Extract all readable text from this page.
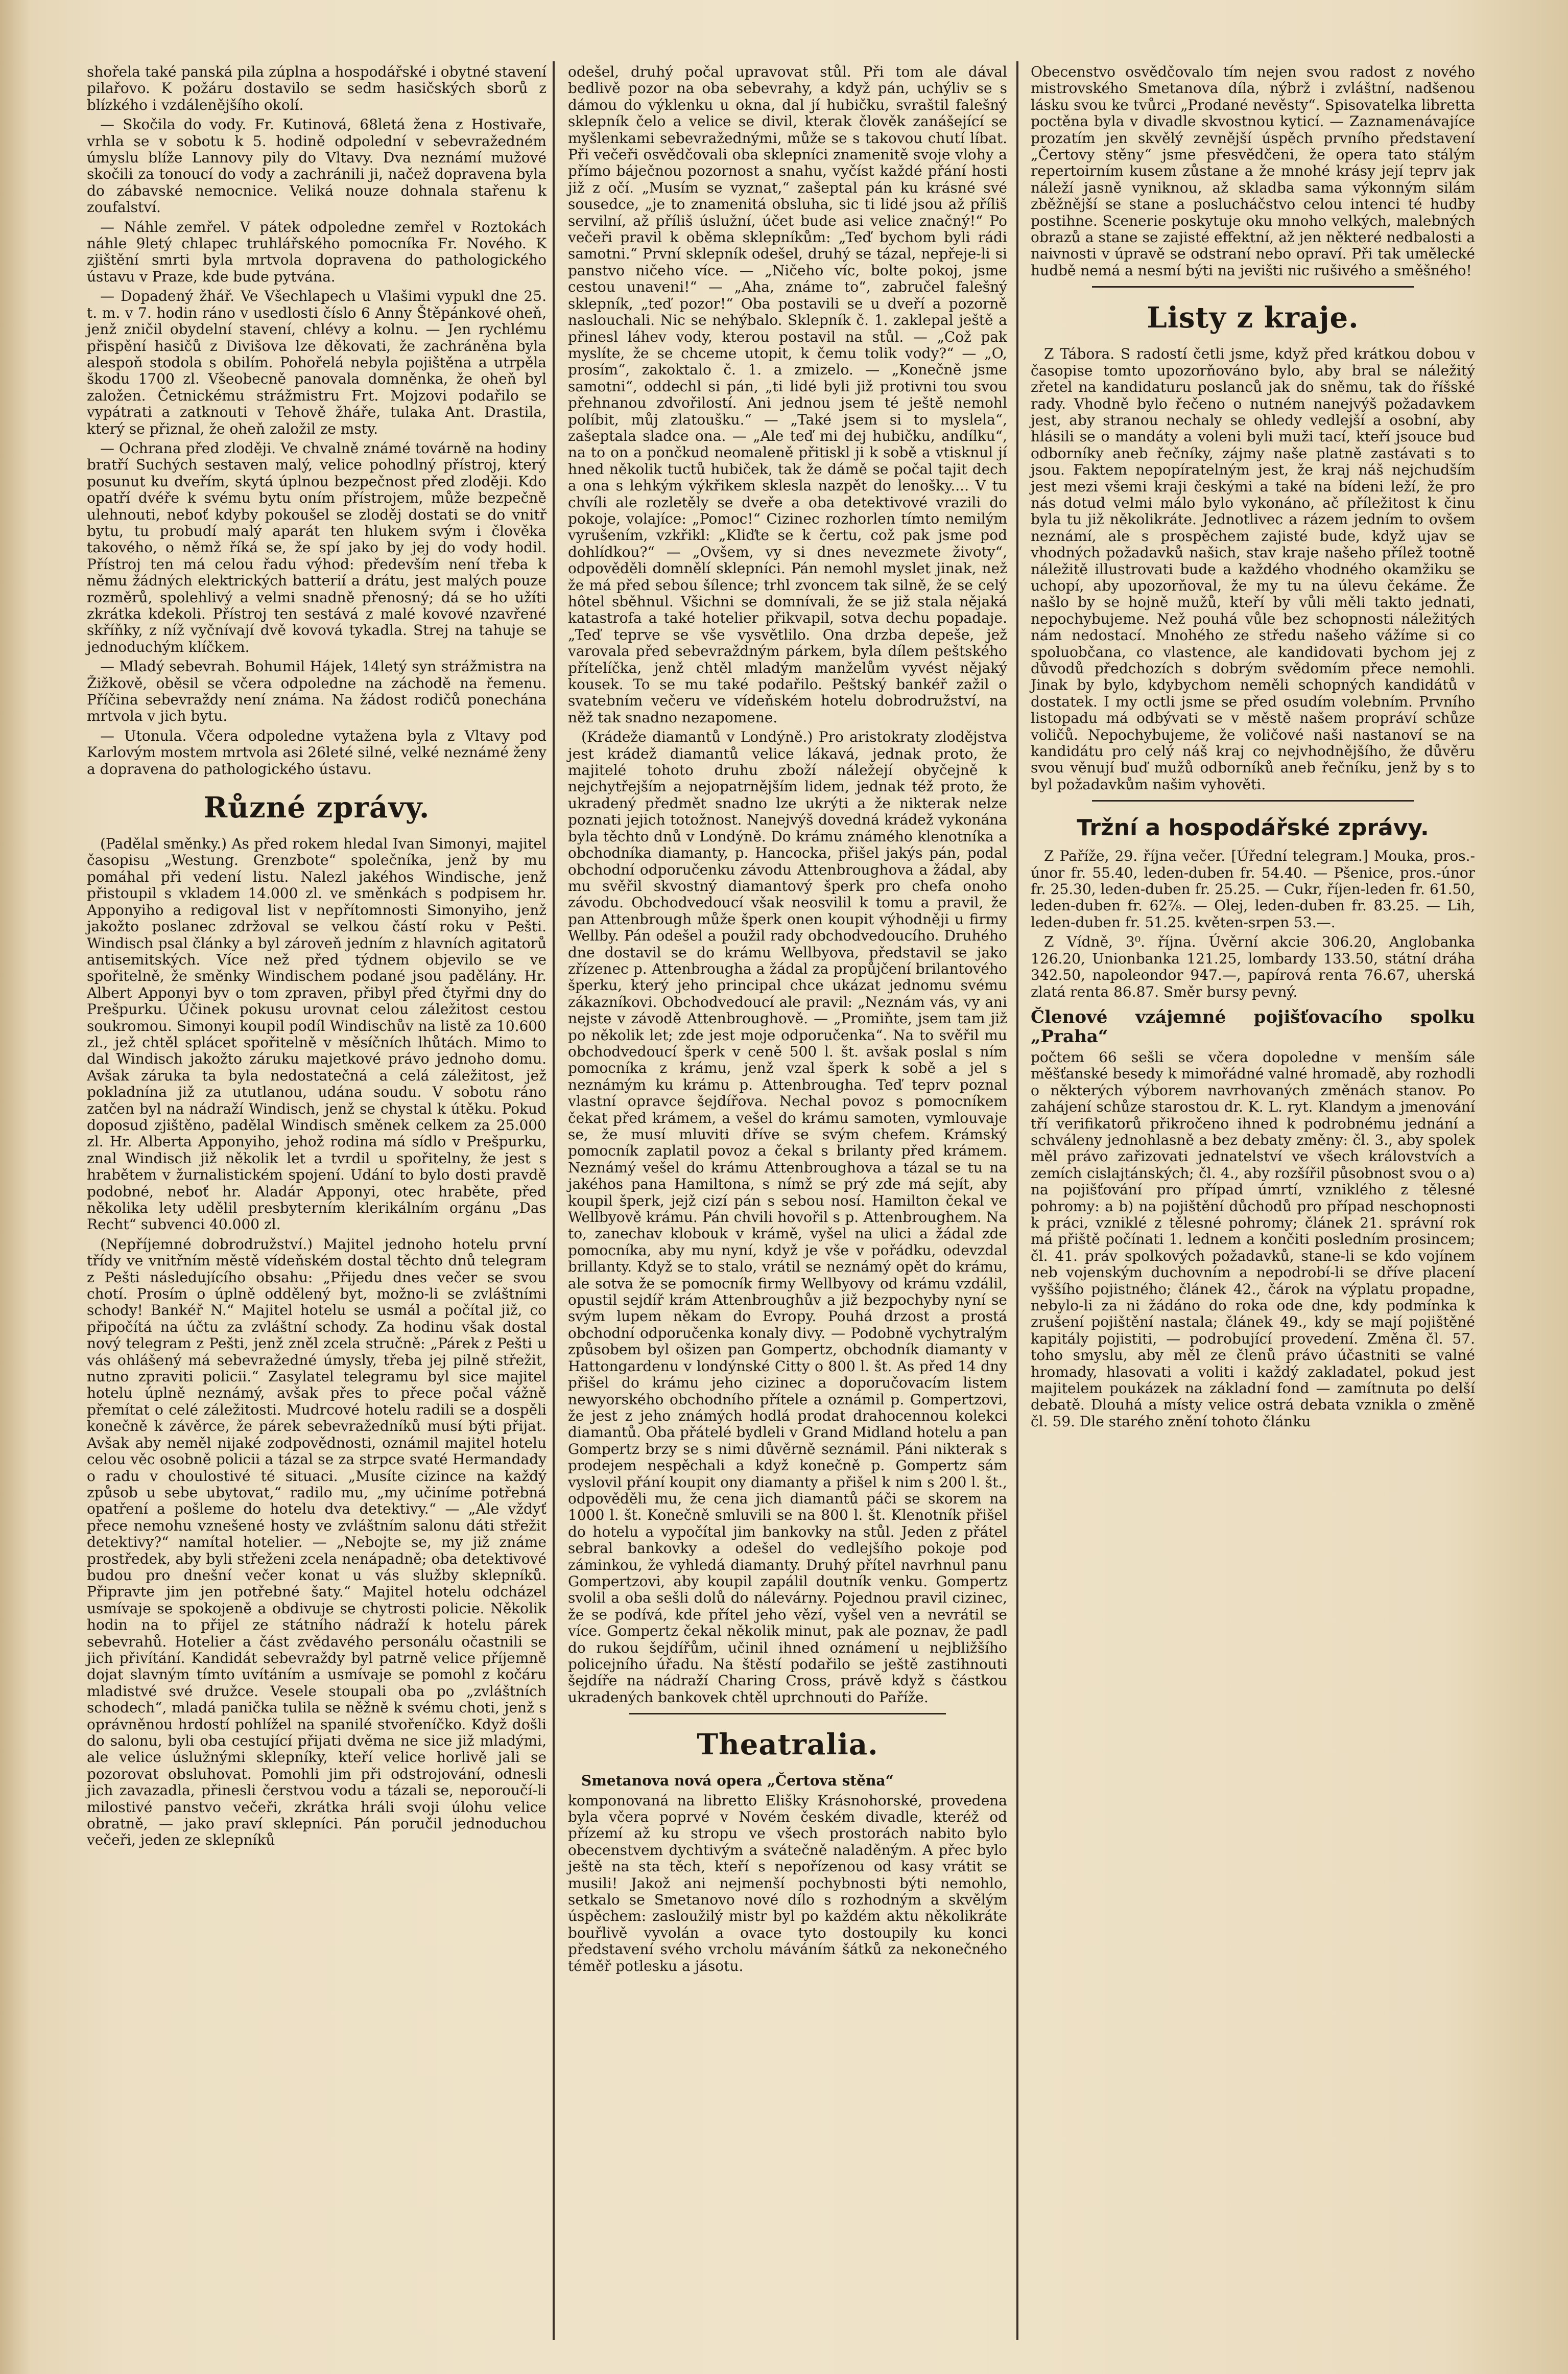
shořela také panská pila zúplna a hospodářské i obytné stavení pilařovo. K požáru dostavilo se sedm hasičských sborů z blízkého i vzdálenějšího okolí.

— Skočila do vody. Fr. Kutinová, 68letá žena z Hostivaře, vrhla se v sobotu k 5. hodině odpolední v sebevražedném úmyslu blíže Lannovy pily do Vltavy. Dva neznámí mužové skočili za tonoucí do vody a zachránili ji, načež dopravena byla do zábavské nemocnice. Veliká nouze dohnala stařenu k zoufalství.

— Náhle zemřel. V pátek odpoledne zemřel v Roztokách náhle 9letý chlapec truhlářského pomocníka Fr. Nového. K zjištění smrti byla mrtvola dopravena do pathologického ústavu v Praze, kde bude pytvána.

— Dopadený žhář. Ve Všechlapech u Vlašimi vypukl dne 25. t. m. v 7. hodin ráno v usedlosti číslo 6 Anny Štěpánkové oheň, jenž zničil obydelní stavení, chlévy a kolnu. — Jen rychlému přispění hasičů z Divišova lze děkovati, že zachráněna byla alespoň stodola s obilím. Pohořelá nebyla pojištěna a utrpěla škodu 1700 zl. Všeobecně panovala domněnka, že oheň byl založen. Četnickému strážmistru Frt. Mojzovi podařilo se vypátrati a zatknouti v Tehově žháře, tulaka Ant. Drastila, který se přiznal, že oheň založil ze msty.

— Ochrana před zloději. Ve chvalně známé továrně na hodiny bratří Suchých sestaven malý, velice pohodlný přístroj, který posunut ku dveřím, skytá úplnou bezpečnost před zloději. Kdo opatří dvéře k svému bytu oním přístrojem, může bezpečně ulehnouti, neboť kdyby pokoušel se zloděj dostati se do vnitř bytu, tu probudí malý aparát ten hlukem svým i člověka takového, o němž říká se, že spí jako by jej do vody hodil. Přístroj ten má celou řadu výhod: především není třeba k němu žádných elektrických batterií a drátu, jest malých pouze rozměrů, spolehlivý a velmi snadně přenosný; dá se ho užíti zkrátka kdekoli. Přístroj ten sestává z malé kovové nzavřené skříňky, z níž vyčnívají dvě kovová tykadla. Strej na tahuje se jednoduchým klíčkem.

— Mladý sebevrah. Bohumil Hájek, 14letý syn strážmistra na Žižkově, oběsil se včera odpoledne na záchodě na řemenu. Příčina sebevraždy není známa. Na žádost rodičů ponechána mrtvola v jich bytu.

— Utonula. Včera odpoledne vytažena byla z Vltavy pod Karlovým mostem mrtvola asi 26leté silné, velké neznámé ženy a dopravena do pathologického ústavu.

Různé zprávy.

(Padělal směnky.) As před rokem hledal Ivan Simonyi, majitel časopisu „Westung. Grenzbote“ společníka, jenž by mu pomáhal při vedení listu. Nalezl jakéhos Windische, jenž přistoupil s vkladem 14.000 zl. ve směnkách s podpisem hr. Apponyiho a redigoval list v nepřítomnosti Simonyiho, jenž jakožto poslanec zdržoval se velkou částí roku v Pešti. Windisch psal články a byl zároveň jedním z hlavních agitatorů antisemitských. Více než před týdnem objevilo se ve spořitelně, že směnky Windischem podané jsou padělány. Hr. Albert Apponyi byv o tom zpraven, přibyl před čtyřmi dny do Prešpurku. Účinek pokusu urovnat celou záležitost cestou soukromou. Simonyi koupil podíl Windischův na listě za 10.600 zl., jež chtěl splácet spořitelně v měsíčních lhůtách. Mimo to dal Windisch jakožto záruku majetkové právo jednoho domu. Avšak záruka ta byla nedostatečná a celá záležitost, jež pokladnína již za ututlanou, udána soudu. V sobotu ráno zatčen byl na nádraží Windisch, jenž se chystal k útěku. Pokud doposud zjištěno, padělal Windisch směnek celkem za 25.000 zl. Hr. Alberta Apponyiho, jehož rodina má sídlo v Prešpurku, znal Windisch již několik let a tvrdil u spořitelny, že jest s hrabětem v žurnalistickém spojení. Udání to bylo dosti pravdě podobné, neboť hr. Aladár Apponyi, otec hraběte, před několika lety udělil presbyterním klerikálním orgánu „Das Recht“ subvenci 40.000 zl.

(Nepříjemné dobrodružství.) Majitel jednoho hotelu první třídy ve vnitřním městě vídeňském dostal těchto dnů telegram z Pešti následujícího obsahu: „Přijedu dnes večer se svou chotí. Prosím o úplně oddělený byt, možno-li se zvláštními schody! Bankéř N.“ Majitel hotelu se usmál a počítal již, co připočítá na účtu za zvláštní schody. Za hodinu však dostal nový telegram z Pešti, jenž zněl zcela stručně: „Párek z Pešti u vás ohlášený má sebevražedné úmysly, třeba jej pilně střežit, nutno zpraviti policii.“ Zasylatel telegramu byl sice majitel hotelu úplně neznámý, avšak přes to přece počal vážně přemítat o celé záležitosti. Mudrcové hotelu radili se a dospěli konečně k závěrce, že párek sebevražedníků musí býti přijat. Avšak aby neměl nijaké zodpovědnosti, oznámil majitel hotelu celou věc osobně policii a tázal se za strpce svaté Hermandady o radu v choulostivé té situaci. „Musíte cizince na každý způsob u sebe ubytovat,“ radilo mu, „my učiníme potřebná opatření a pošleme do hotelu dva detektivy.“ — „Ale vždyť přece nemohu vznešené hosty ve zvláštním salonu dáti střežit detektivy?“ namítal hotelier. — „Nebojte se, my již známe prostředek, aby byli střeženi zcela nenápadně; oba detektivové budou pro dnešní večer konat u vás služby sklepníků. Připravte jim jen potřebné šaty.“ Majitel hotelu odcházel usmívaje se spokojeně a obdivuje se chytrosti policie. Několik hodin na to přijel ze státního nádraží k hotelu párek sebevrahů. Hotelier a část zvědavého personálu očastnili se jich přivítání. Kandidát sebevraždy byl patrně velice příjemně dojat slavným tímto uvítáním a usmívaje se pomohl z kočáru mladistvé své družce. Vesele stoupali oba po „zvláštních schodech“, mladá panička tulila se něžně k svému choti, jenž s oprávněnou hrdostí pohlížel na spanilé stvořeníčko. Když došli do salonu, byli oba cestující přijati dvěma ne sice již mladými, ale velice úslužnými sklepníky, kteří velice horlivě jali se pozorovat obsluhovat. Pomohli jim při odstrojování, odnesli jich zavazadla, přinesli čerstvou vodu a tázali se, neporoučí-li milostivé panstvo večeři, zkrátka hráli svoji úlohu velice obratně, — jako praví sklepníci. Pán poručil jednoduchou večeři, jeden ze sklepníků

odešel, druhý počal upravovat stůl. Při tom ale dával bedlivě pozor na oba sebevrahy, a když pán, uchýliv se s dámou do výklenku u okna, dal jí hubičku, svraštil falešný sklepník čelo a velice se divil, kterak člověk zanášející se myšlenkami sebevražednými, může se s takovou chutí líbat. Při večeři osvědčovali oba sklepníci znamenitě svoje vlohy a přímo báječnou pozornost a snahu, vyčíst každé přání hosti již z očí. „Musím se vyznat,“ zašeptal pán ku krásné své sousedce, „je to znamenitá obsluha, sic ti lidé jsou až příliš servilní, až příliš úslužní, účet bude asi velice značný!“ Po večeři pravil k oběma sklepníkům: „Teď bychom byli rádi samotni.“ První sklepník odešel, druhý se tázal, nepřeje-li si panstvo ničeho více. — „Ničeho víc, bolte pokoj, jsme cestou unaveni!“ — „Aha, známe to“, zabručel falešný sklepník, „teď pozor!“ Oba postavili se u dveří a pozorně naslouchali. Nic se nehýbalo. Sklepník č. 1. zaklepal ještě a přinesl láhev vody, kterou postavil na stůl. — „Což pak myslíte, že se chceme utopit, k čemu tolik vody?“ — „O, prosím“, zakoktalo č. 1. a zmizelo. — „Konečně jsme samotni“, oddechl si pán, „ti lidé byli již protivni tou svou přehnanou zdvořilostí. Ani jednou jsem té ještě nemohl políbit, můj zlatoušku.“ — „Také jsem si to myslela“, zašeptala sladce ona. — „Ale teď mi dej hubičku, andílku“, na to on a pončkud neomaleně přitiskl ji k sobě a vtisknul jí hned několik tuctů hubiček, tak že dámě se počal tajit dech a ona s lehkým výkřikem sklesla nazpět do lenošky.... V tu chvíli ale rozletěly se dveře a oba detektivové vrazili do pokoje, volajíce: „Pomoc!“ Cizinec rozhorlen tímto nemilým vyrušením, vzkřikl: „Kliďte se k čertu, což pak jsme pod dohlídkou?“ — „Ovšem, vy si dnes nevezmete životy“, odpověděli domnělí sklepníci. Pán nemohl myslet jinak, než že má před sebou šílence; trhl zvoncem tak silně, že se celý hôtel sběhnul. Všichni se domnívali, že se již stala nějaká katastrofa a také hotelier přikvapil, sotva dechu popadaje. „Teď teprve se vše vysvětlilo. Ona drzba depeše, jež varovala před sebevraždným párkem, byla dílem peštského přítelíčka, jenž chtěl mladým manželům vyvést nějaký kousek. To se mu také podařilo. Peštský bankéř zažil o svatebním večeru ve vídeňském hotelu dobrodružství, na něž tak snadno nezapomene.

(Krádeže diamantů v Londýně.) Pro aristokraty zlodějstva jest krádež diamantů velice lákavá, jednak proto, že majitelé tohoto druhu zboží náležejí obyčejně k nejchytřejším a nejopatrnějším lidem, jednak též proto, že ukradený předmět snadno lze ukrýti a že nikterak nelze poznati jejich totožnost. Nanejvýš dovedná krádež vykonána byla těchto dnů v Londýně. Do krámu známého klenotníka a obchodníka diamanty, p. Hancocka, přišel jakýs pán, podal obchodní odporučenku závodu Attenbroughova a žádal, aby mu svěřil skvostný diamantový šperk pro chefa onoho závodu. Obchodvedoucí však neosvilil k tomu a pravil, že pan Attenbrough může šperk onen koupit výhodněji u firmy Wellby. Pán odešel a použil rady obchodvedoucího. Druhého dne dostavil se do krámu Wellbyova, představil se jako zřízenec p. Attenbrougha a žádal za propůjčení brilantového šperku, který jeho principal chce ukázat jednomu svému zákazníkovi. Obchodvedoucí ale pravil: „Neznám vás, vy ani nejste v závodě Attenbroughově. — „Promiňte, jsem tam již po několik let; zde jest moje odporučenka“. Na to svěřil mu obchodvedoucí šperk v ceně 500 l. št. avšak poslal s ním pomocníka z krámu, jenž vzal šperk k sobě a jel s neznámým ku krámu p. Attenbrougha. Teď teprv poznal vlastní opravce šejdířova. Nechal povoz s pomocníkem čekat před krámem, a vešel do krámu samoten, vymlouvaje se, že musí mluviti dříve se svým chefem. Krámský pomocník zaplatil povoz a čekal s brilanty před krámem. Neznámý vešel do krámu Attenbroughova a tázal se tu na jakéhos pana Hamiltona, s nímž se prý zde má sejít, aby koupil šperk, jejž cizí pán s sebou nosí. Hamilton čekal ve Wellbyově krámu. Pán chvili hovořil s p. Attenbroughem. Na to, zanechav klobouk v krámě, vyšel na ulici a žádal zde pomocníka, aby mu nyní, když je vše v pořádku, odevzdal brillanty. Když se to stalo, vrátil se neznámý opět do krámu, ale sotva že se pomocník firmy Wellbyovy od krámu vzdálil, opustil sejdíř krám Attenbroughův a již bezpochyby nyní se svým lupem někam do Evropy. Pouhá drzost a prostá obchodní odporučenka konaly divy. — Podobně vychytralým způsobem byl ošizen pan Gompertz, obchodník diamanty v Hattongardenu v londýnské Citty o 800 l. št. As před 14 dny přišel do krámu jeho cizinec a doporučovacím listem newyorského obchodního přítele a oznámil p. Gompertzovi, že jest z jeho známých hodlá prodat drahocennou kolekci diamantů. Oba přátelé bydleli v Grand Midland hotelu a pan Gompertz brzy se s nimi důvěrně seznámil. Páni nikterak s prodejem nespěchali a když konečně p. Gompertz sám vyslovil přání koupit ony diamanty a přišel k nim s 200 l. št., odpověděli mu, že cena jich diamantů páči se skorem na 1000 l. št. Konečně smluvili se na 800 l. št. Klenotník přišel do hotelu a vypočítal jim bankovky na stůl. Jeden z přátel sebral bankovky a odešel do vedlejšího pokoje pod záminkou, že vyhledá diamanty. Druhý přítel navrhnul panu Gompertzovi, aby koupil zapálil doutník venku. Gompertz svolil a oba sešli dolů do nálevárny. Pojednou pravil cizinec, že se podívá, kde přítel jeho vězí, vyšel ven a nevrátil se více. Gompertz čekal několik minut, pak ale poznav, že padl do rukou šejdířům, učinil ihned oznámení u nejbližšího policejního úřadu. Na štěstí podařilo se ještě zastihnouti šejdíře na nádraží Charing Cross, právě když s částkou ukradených bankovek chtěl uprchnouti do Paříže.

Theatralia.

Smetanova nová opera „Čertova stěna“

komponovaná na libretto Elišky Krásnohorské, provedena byla včera poprvé v Novém českém divadle, kteréž od přízemí až ku stropu ve všech prostorách nabito bylo obecenstvem dychtivým a svátečně naladěným. A přec bylo ještě na sta těch, kteří s nepořízenou od kasy vrátit se musili! Jakož ani nejmenší pochybnosti býti nemohlo, setkalo se Smetanovo nové dílo s rozhodným a skvělým úspěchem: zasloužilý mistr byl po každém aktu několikráte bouřlivě vyvolán a ovace tyto dostoupily ku konci představení svého vrcholu máváním šátků za nekonečného téměř potlesku a jásotu.

Obecenstvo osvědčovalo tím nejen svou radost z nového mistrovského Smetanova díla, nýbrž i zvláštní, nadšenou lásku svou ke tvůrci „Prodané nevěsty“. Spisovatelka libretta poctěna byla v divadle skvostnou kyticí. — Zaznamenávajíce prozatím jen skvělý zevnější úspěch prvního představení „Čertovy stěny“ jsme přesvědčeni, že opera tato stálým repertoirním kusem zůstane a že mnohé krásy její teprv jak náleží jasně vyniknou, až skladba sama výkonným silám zběžnější se stane a poslucháčstvo celou intenci té hudby postihne. Scenerie poskytuje oku mnoho velkých, malebných obrazů a stane se zajisté effektní, až jen některé nedbalosti a naivnosti v úpravě se odstraní nebo opraví. Při tak umělecké hudbě nemá a nesmí býti na jevišti nic rušivého a směšného!

Listy z kraje.

Z Tábora. S radostí četli jsme, když před krátkou dobou v časopise tomto upozorňováno bylo, aby bral se náležitý zřetel na kandidaturu poslanců jak do sněmu, tak do říšské rady. Vhodně bylo řečeno o nutném nanejvýš požadavkem jest, aby stranou nechaly se ohledy vedlejší a osobní, aby hlásili se o mandáty a voleni byli muži tací, kteří jsouce bud odborníky aneb řečníky, zájmy naše platně zastávati s to jsou. Faktem nepopíratelným jest, že kraj náš nejchudším jest mezi všemi kraji českými a také na bídeni leží, že pro nás dotud velmi málo bylo vykonáno, ač příležitost k činu byla tu již několikráte. Jednotlivec a rázem jedním to ovšem neznámí, ale s prospěchem zajisté bude, když ujav se vhodných požadavků našich, stav kraje našeho přílež tootně náležitě illustrovati bude a každého vhodného okamžiku se uchopí, aby upozorňoval, že my tu na úlevu čekáme. Že našlo by se hojně mužů, kteří by vůli měli takto jednati, nepochybujeme. Než pouhá vůle bez schopnosti náležitých nám nedostací. Mnohého ze středu našeho vážíme si co spoluobčana, co vlastence, ale kandidovati bychom jej z důvodů předchozích s dobrým svědomím přece nemohli. Jinak by bylo, kdybychom neměli schopných kandidátů v dostatek. I my octli jsme se před osudím volebním. Prvního listopadu má odbývati se v městě našem propráví schůze voličů. Nepochybujeme, že voličové naši nastanoví se na kandidátu pro celý náš kraj co nejvhodnějšího, že důvěru svou věnují buď mužů odborníků aneb řečníku, jenž by s to byl požadavkům našim vyhověti.

Tržní a hospodářské zprávy.

Z Paříže, 29. října večer. [Úřední telegram.] Mouka, pros.-únor fr. 55.40, leden-duben fr. 54.40. — Pšenice, pros.-únor fr. 25.30, leden-duben fr. 25.25. — Cukr, říjen-leden fr. 61.50, leden-duben fr. 62⅞. — Olej, leden-duben fr. 83.25. — Lih, leden-duben fr. 51.25. květen-srpen 53.—.

Z Vídně, 3⁰. října. Úvěrní akcie 306.20, Anglobanka 126.20, Unionbanka 121.25, lombardy 133.50, státní dráha 342.50, napoleondor 947.—, papírová renta 76.67, uherská zlatá renta 86.87. Směr bursy pevný.

Členové vzájemné pojišťovacího spolku „Praha“

počtem 66 sešli se včera dopoledne v menším sále měšťanské besedy k mimořádné valné hromadě, aby rozhodli o některých výborem navrhovaných změnách stanov. Po zahájení schůze starostou dr. K. L. ryt. Klandym a jmenování tří verifikatorů přikročeno ihned k podrobnému jednání a schváleny jednohlasně a bez debaty změny: čl. 3., aby spolek měl právo zařizovati jednatelství ve všech královstvích a zemích cislajtánských; čl. 4., aby rozšířil působnost svou o a) na pojišťování pro případ úmrtí, vzniklého z tělesné pohromy: a b) na pojištění důchodů pro případ neschopnosti k práci, vzniklé z tělesné pohromy; článek 21. správní rok má přiště počínati 1. lednem a končiti posledním prosincem; čl. 41. práv spolkových požadavků, stane-li se kdo vojínem neb vojenským duchovním a nepodrobí-li se dříve placení vyššího pojistného; článek 42., čárok na výplatu propadne, nebylo-li za ni žádáno do roka ode dne, kdy podmínka k zrušení pojištění nastala; článek 49., kdy se mají pojištěné kapitály pojistiti, — podrobující provedení. Změna čl. 57. toho smyslu, aby měl ze členů právo účastniti se valné hromady, hlasovati a voliti i každý zakladatel, pokud jest majitelem poukázek na základní fond — zamítnuta po delší debatě. Dlouhá a místy velice ostrá debata vznikla o změně čl. 59. Dle starého znění tohoto článku
